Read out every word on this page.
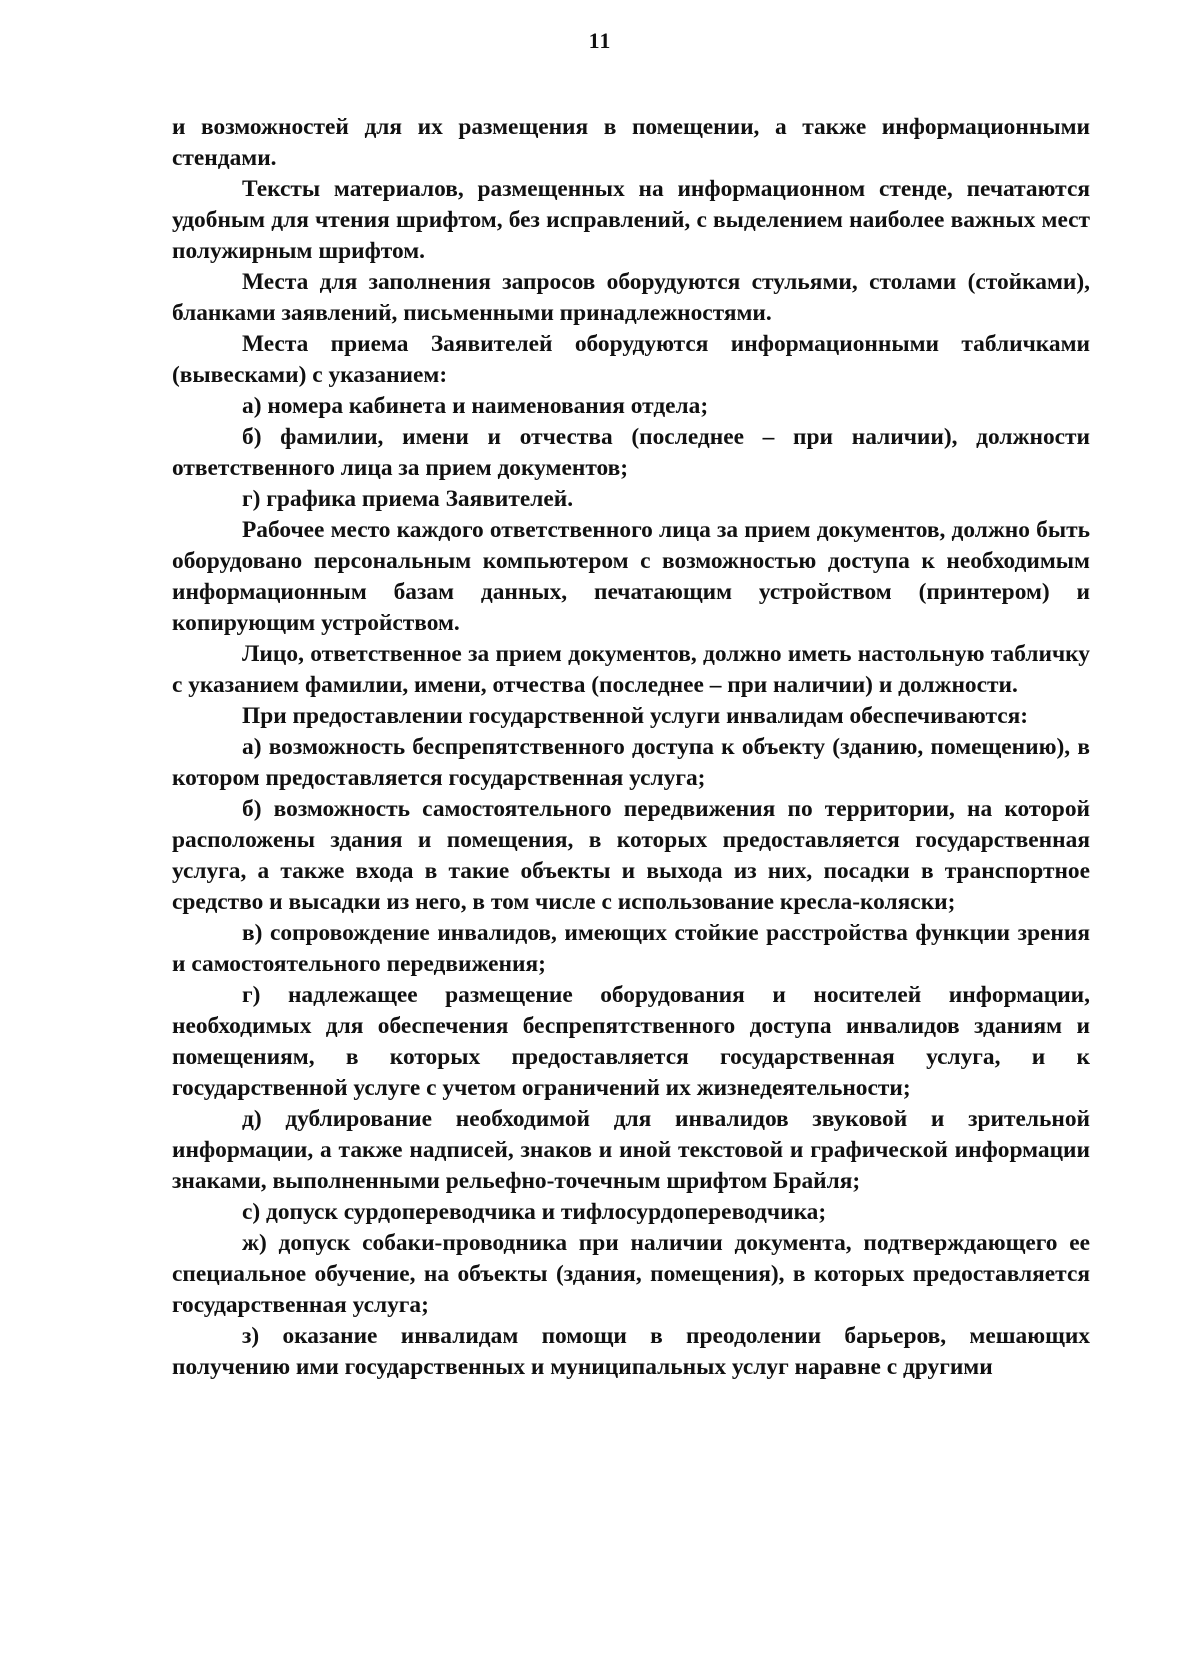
11

и возможностей для их размещения в помещении, а также информационными стендами.

Тексты материалов, размещенных на информационном стенде, печатаются удобным для чтения шрифтом, без исправлений, с выделением наиболее важных мест полужирным шрифтом.

Места для заполнения запросов оборудуются стульями, столами (стойками), бланками заявлений, письменными принадлежностями.

Места приема Заявителей оборудуются информационными табличками (вывесками) с указанием:

а) номера кабинета и наименования отдела;

б) фамилии, имени и отчества (последнее – при наличии), должности ответственного лица за прием документов;

г) графика приема Заявителей.

Рабочее место каждого ответственного лица за прием документов, должно быть оборудовано персональным компьютером с возможностью доступа к необходимым информационным базам данных, печатающим устройством (принтером) и копирующим устройством.

Лицо, ответственное за прием документов, должно иметь настольную табличку с указанием фамилии, имени, отчества (последнее – при наличии) и должности.

При предоставлении государственной услуги инвалидам обеспечиваются:

а) возможность беспрепятственного доступа к объекту (зданию, помещению), в котором предоставляется государственная услуга;

б) возможность самостоятельного передвижения по территории, на которой расположены здания и помещения, в которых предоставляется государственная услуга, а также входа в такие объекты и выхода из них, посадки в транспортное средство и высадки из него, в том числе с использование кресла-коляски;

в) сопровождение инвалидов, имеющих стойкие расстройства функции зрения и самостоятельного передвижения;

г) надлежащее размещение оборудования и носителей информации, необходимых для обеспечения беспрепятственного доступа инвалидов зданиям и помещениям, в которых предоставляется государственная услуга, и к государственной услуге с учетом ограничений их жизнедеятельности;

д) дублирование необходимой для инвалидов звуковой и зрительной информации, а также надписей, знаков и иной текстовой и графической информации знаками, выполненными рельефно-точечным шрифтом Брайля;

с) допуск сурдопереводчика и тифлосурдопереводчика;

ж) допуск собаки-проводника при наличии документа, подтверждающего ее специальное обучение, на объекты (здания, помещения), в которых предоставляется государственная услуга;

з) оказание инвалидам помощи в преодолении барьеров, мешающих получению ими государственных и муниципальных услуг наравне с другими
